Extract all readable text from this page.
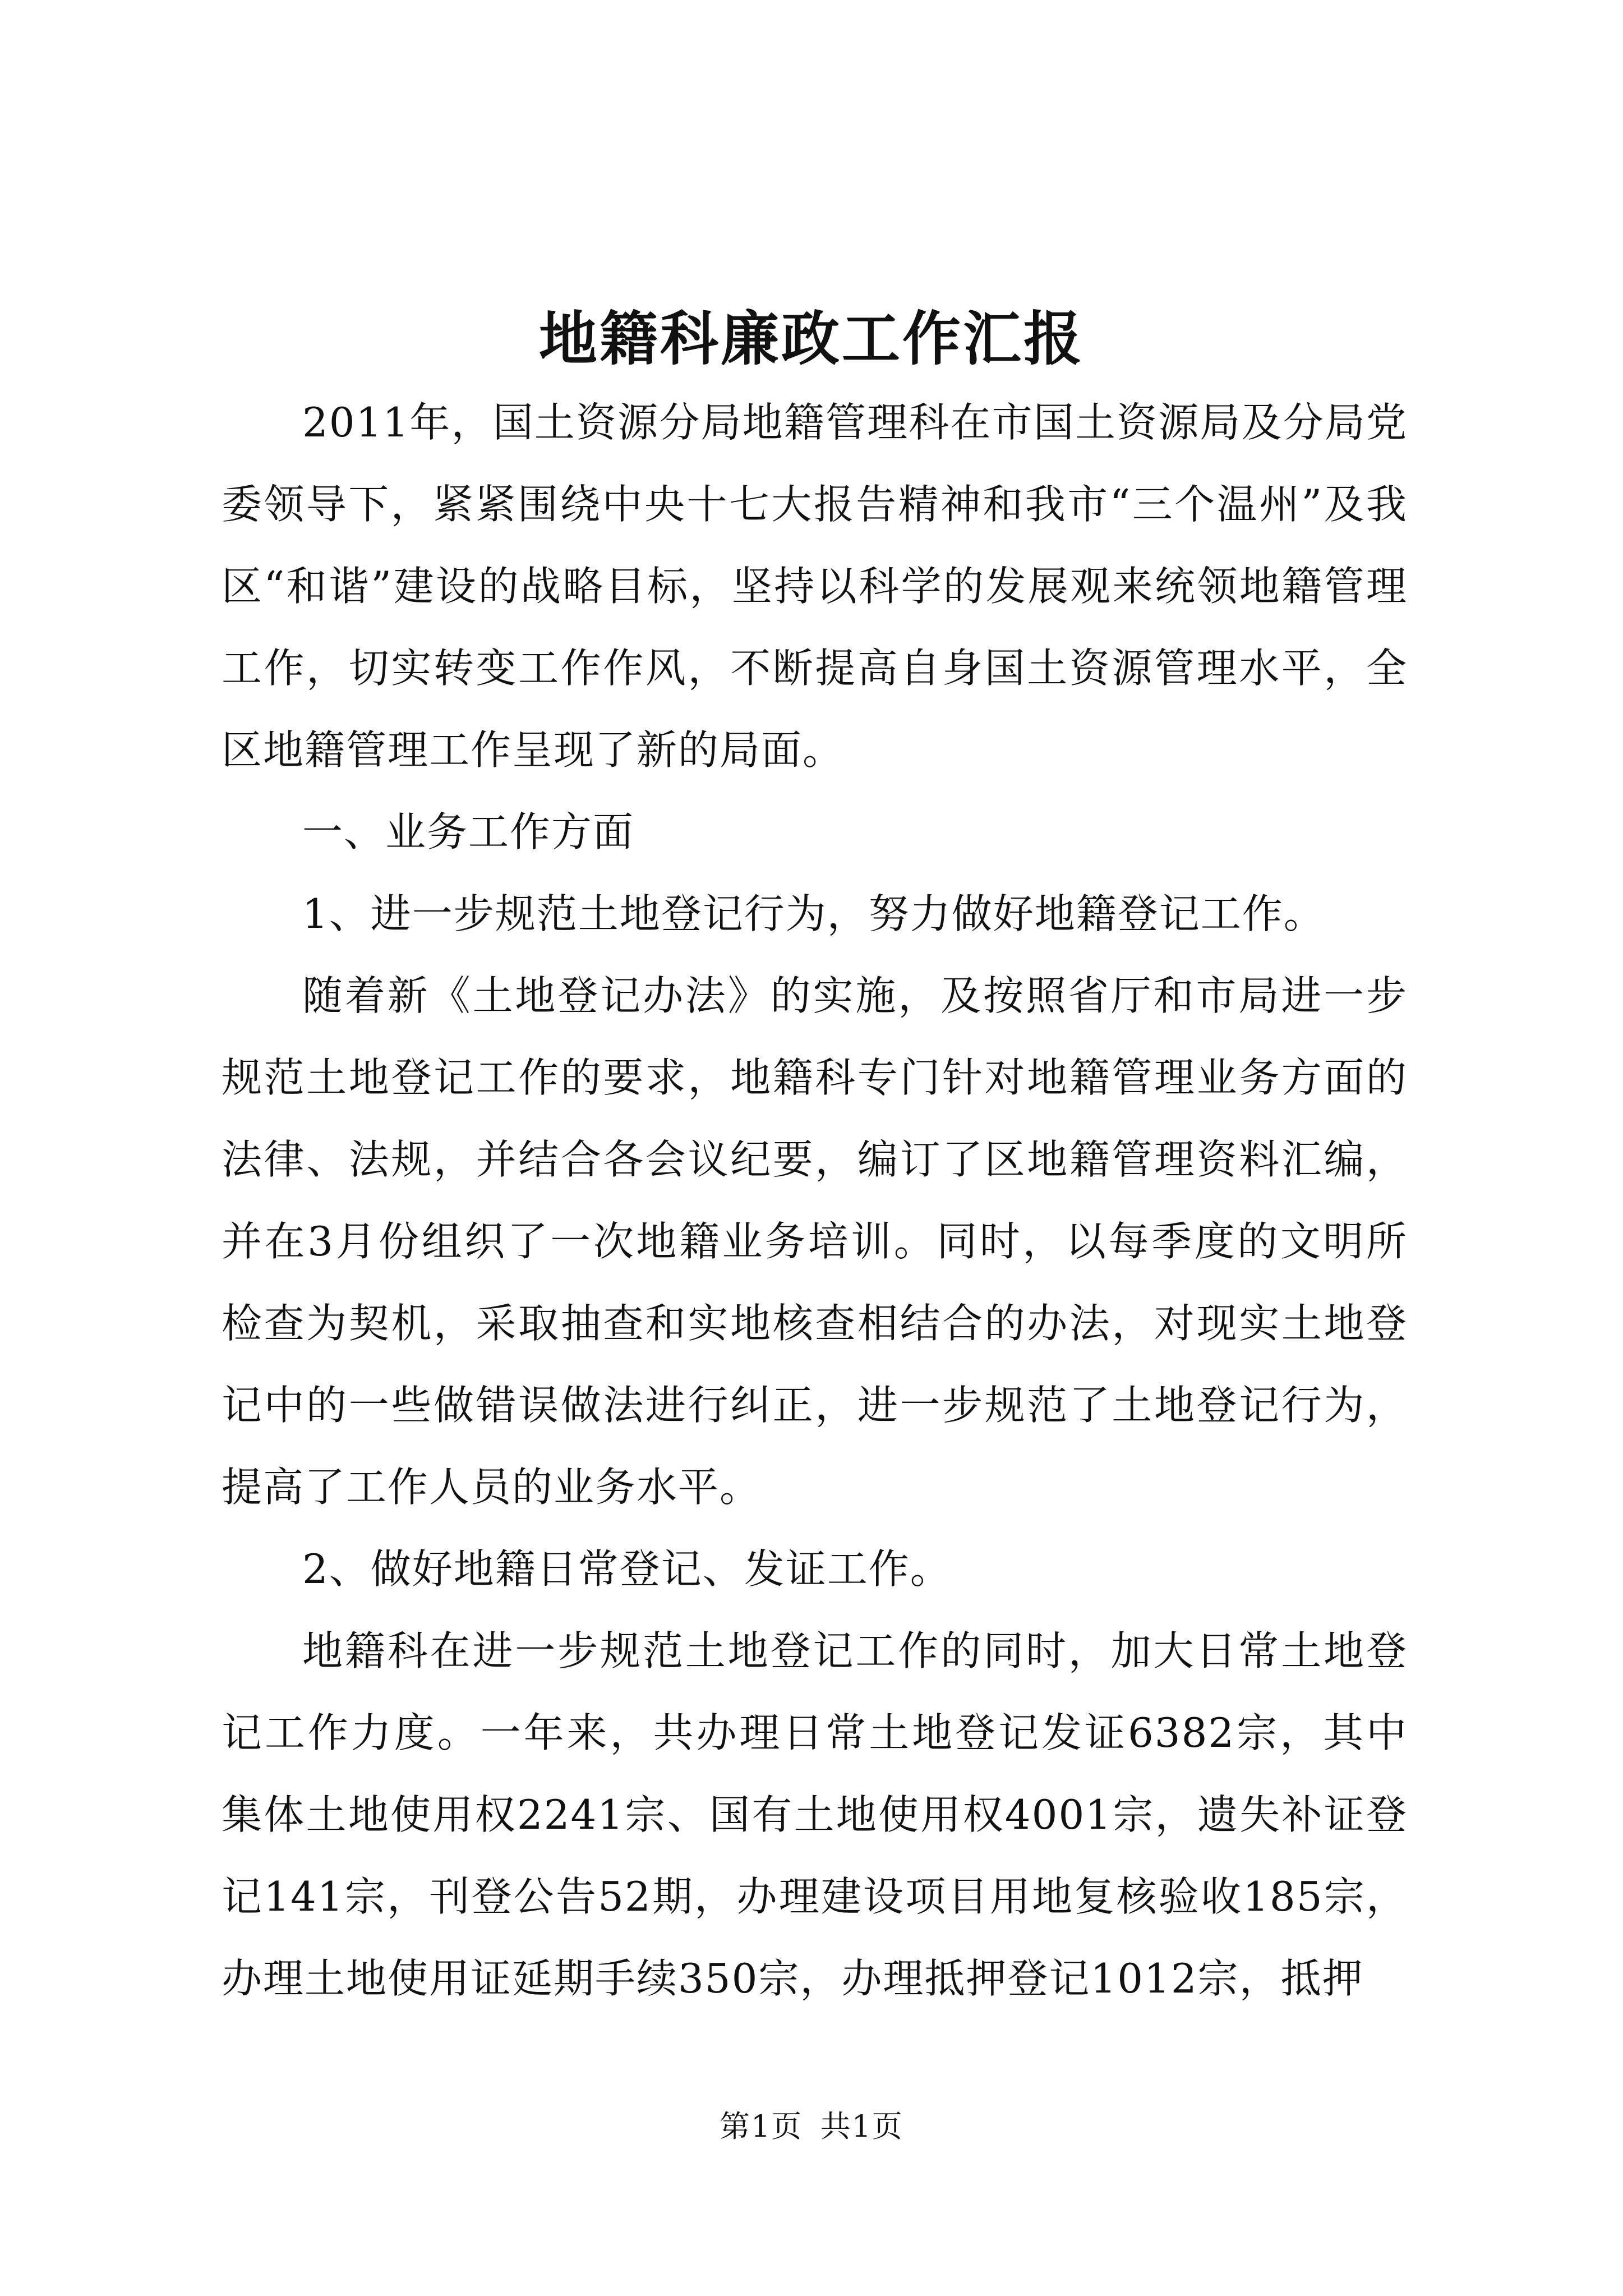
地籍科廉政工作汇报

2011年，国土资源分局地籍管理科在市国土资源局及分局党委领导下，紧紧围绕中央十七大报告精神和我市“三个温州”及我区“和谐”建设的战略目标，坚持以科学的发展观来统领地籍管理工作，切实转变工作作风，不断提高自身国土资源管理水平，全区地籍管理工作呈现了新的局面。

一、业务工作方面

1、进一步规范土地登记行为，努力做好地籍登记工作。

随着新《土地登记办法》的实施，及按照省厅和市局进一步规范土地登记工作的要求，地籍科专门针对地籍管理业务方面的法律、法规，并结合各会议纪要，编订了区地籍管理资料汇编，并在3月份组织了一次地籍业务培训。同时，以每季度的文明所检查为契机，采取抽查和实地核查相结合的办法，对现实土地登记中的一些做错误做法进行纠正，进一步规范了土地登记行为，提高了工作人员的业务水平。

2、做好地籍日常登记、发证工作。

地籍科在进一步规范土地登记工作的同时，加大日常土地登记工作力度。一年来，共办理日常土地登记发证6382宗，其中集体土地使用权2241宗、国有土地使用权4001宗，遗失补证登记141宗，刊登公告52期，办理建设项目用地复核验收185宗，办理土地使用证延期手续350宗，办理抵押登记1012宗，抵押

第1页 共1页
